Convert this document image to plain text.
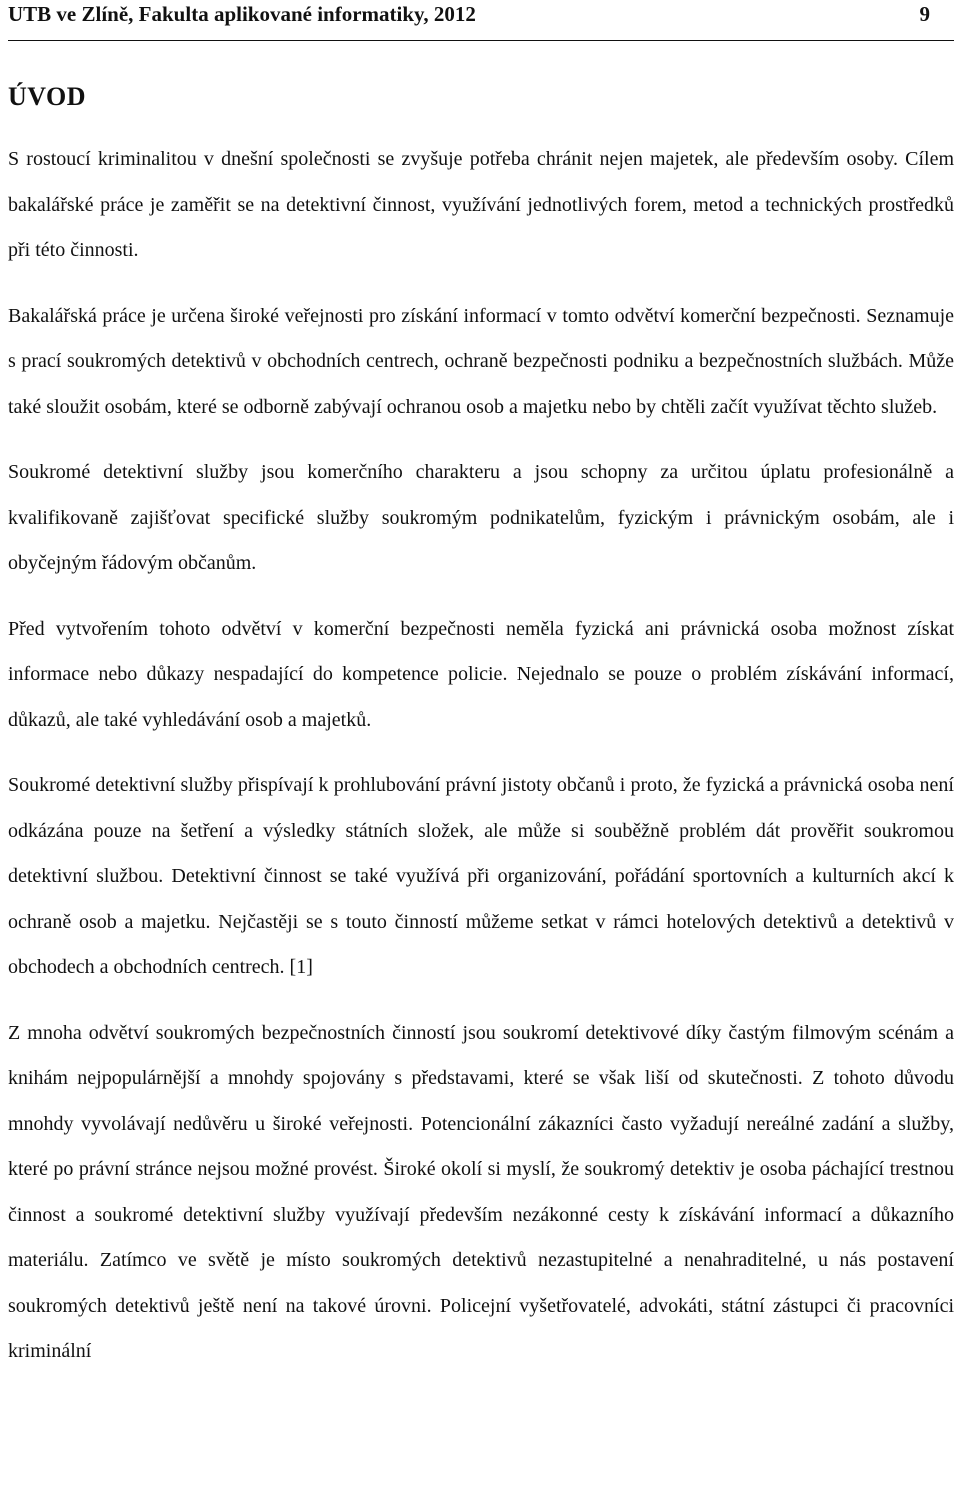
UTB ve Zlíně, Fakulta aplikované informatiky, 2012	9
ÚVOD

S rostoucí kriminalitou v dnešní společnosti se zvyšuje potřeba chránit nejen majetek, ale především osoby. Cílem bakalářské práce je zaměřit se na detektivní činnost, využívání jednotlivých forem, metod a technických prostředků při této činnosti.

Bakalářská práce je určena široké veřejnosti pro získání informací v tomto odvětví komerční bezpečnosti. Seznamuje s prací soukromých detektivů v obchodních centrech, ochraně bezpečnosti podniku a bezpečnostních službách. Může také sloužit osobám, které se odborně zabývají ochranou osob a majetku nebo by chtěli začít využívat těchto služeb.

Soukromé detektivní služby jsou komerčního charakteru a jsou schopny za určitou úplatu profesionálně a kvalifikovaně zajišťovat specifické služby soukromým podnikatelům, fyzickým i právnickým osobám, ale i obyčejným řádovým občanům.

Před vytvořením tohoto odvětví v komerční bezpečnosti neměla fyzická ani právnická osoba možnost získat informace nebo důkazy nespadající do kompetence policie. Nejednalo se pouze o problém získávání informací, důkazů, ale také vyhledávání osob a majetků.

Soukromé detektivní služby přispívají k prohlubování právní jistoty občanů i proto, že fyzická a právnická osoba není odkázána pouze na šetření a výsledky státních složek, ale může si souběžně problém dát prověřit soukromou detektivní službou. Detektivní činnost se také využívá při organizování, pořádání sportovních a kulturních akcí k ochraně osob a majetku. Nejčastěji se s touto činností můžeme setkat v rámci hotelových detektivů a detektivů v obchodech a obchodních centrech. [1]

Z mnoha odvětví soukromých bezpečnostních činností jsou soukromí detektivové díky častým filmovým scénám a knihám nejpopulárnější a mnohdy spojovány s představami, které se však liší od skutečnosti. Z tohoto důvodu mnohdy vyvolávají nedůvěru u široké veřejnosti. Potencionální zákazníci často vyžadují nereálné zadání a služby, které po právní stránce nejsou možné provést. Široké okolí si myslí, že soukromý detektiv je osoba páchající trestnou činnost a soukromé detektivní služby využívají především nezákonné cesty k získávání informací a důkazního materiálu. Zatímco ve světě je místo soukromých detektivů nezastupitelné a nenahraditelné, u nás postavení soukromých detektivů ještě není na takové úrovni. Policejní vyšetřovatelé, advokáti, státní zástupci či pracovníci kriminální
